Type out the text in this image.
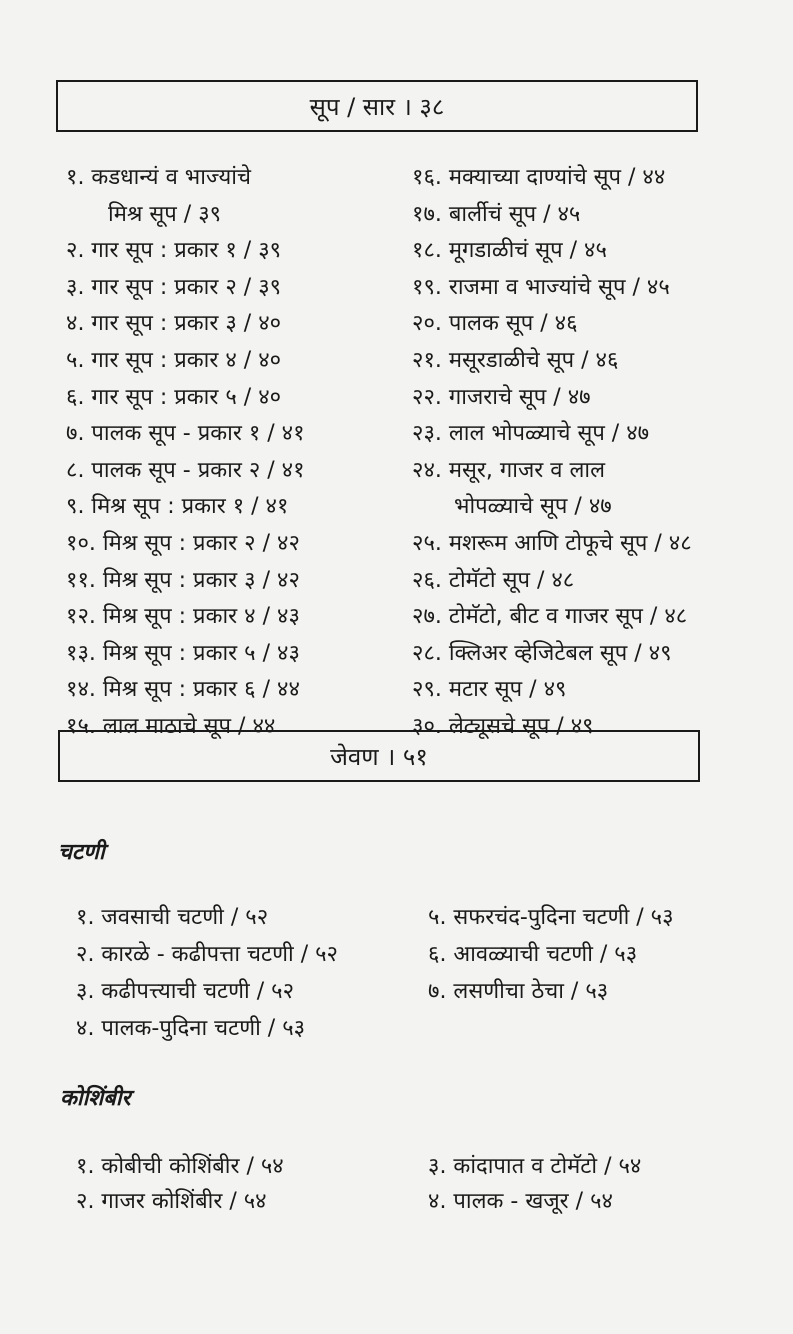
सूप / सार । ३८
१. कडधान्यं व भाज्यांचे
मिश्र सूप / ३९
२. गार सूप : प्रकार १ / ३९
३. गार सूप : प्रकार २ / ३९
४. गार सूप : प्रकार ३ / ४०
५. गार सूप : प्रकार ४ / ४०
६. गार सूप : प्रकार ५ / ४०
७. पालक सूप - प्रकार १ / ४१
८. पालक सूप - प्रकार २ / ४१
९. मिश्र सूप : प्रकार १ / ४१
१०. मिश्र सूप : प्रकार २ / ४२
११. मिश्र सूप : प्रकार ३ / ४२
१२. मिश्र सूप : प्रकार ४ / ४३
१३. मिश्र सूप : प्रकार ५ / ४३
१४. मिश्र सूप : प्रकार ६ / ४४
१५. लाल माठाचे सूप / ४४
१६. मक्याच्या दाण्यांचे सूप / ४४
१७. बार्लीचं सूप / ४५
१८. मूगडाळीचं सूप / ४५
१९. राजमा व भाज्यांचे सूप / ४५
२०. पालक सूप / ४६
२१. मसूरडाळीचे सूप / ४६
२२. गाजराचे सूप / ४७
२३. लाल भोपळ्याचे सूप / ४७
२४. मसूर, गाजर व लाल
भोपळ्याचे सूप / ४७
२५. मशरूम आणि टोफूचे सूप / ४८
२६. टोमॅटो सूप / ४८
२७. टोमॅटो, बीट व गाजर सूप / ४८
२८. क्लिअर व्हेजिटेबल सूप / ४९
२९. मटार सूप / ४९
३०. लेट्यूसचे सूप / ४९
जेवण । ५१
चटणी
१. जवसाची चटणी / ५२
२. कारळे - कढीपत्ता चटणी / ५२
३. कढीपत्त्याची चटणी / ५२
४. पालक-पुदिना चटणी / ५३
५. सफरचंद-पुदिना चटणी / ५३
६. आवळ्याची चटणी / ५३
७. लसणीचा ठेचा / ५३
कोशिंबीर
१. कोबीची कोशिंबीर / ५४
२. गाजर कोशिंबीर / ५४
३. कांदापात व टोमॅटो / ५४
४. पालक - खजूर / ५४
